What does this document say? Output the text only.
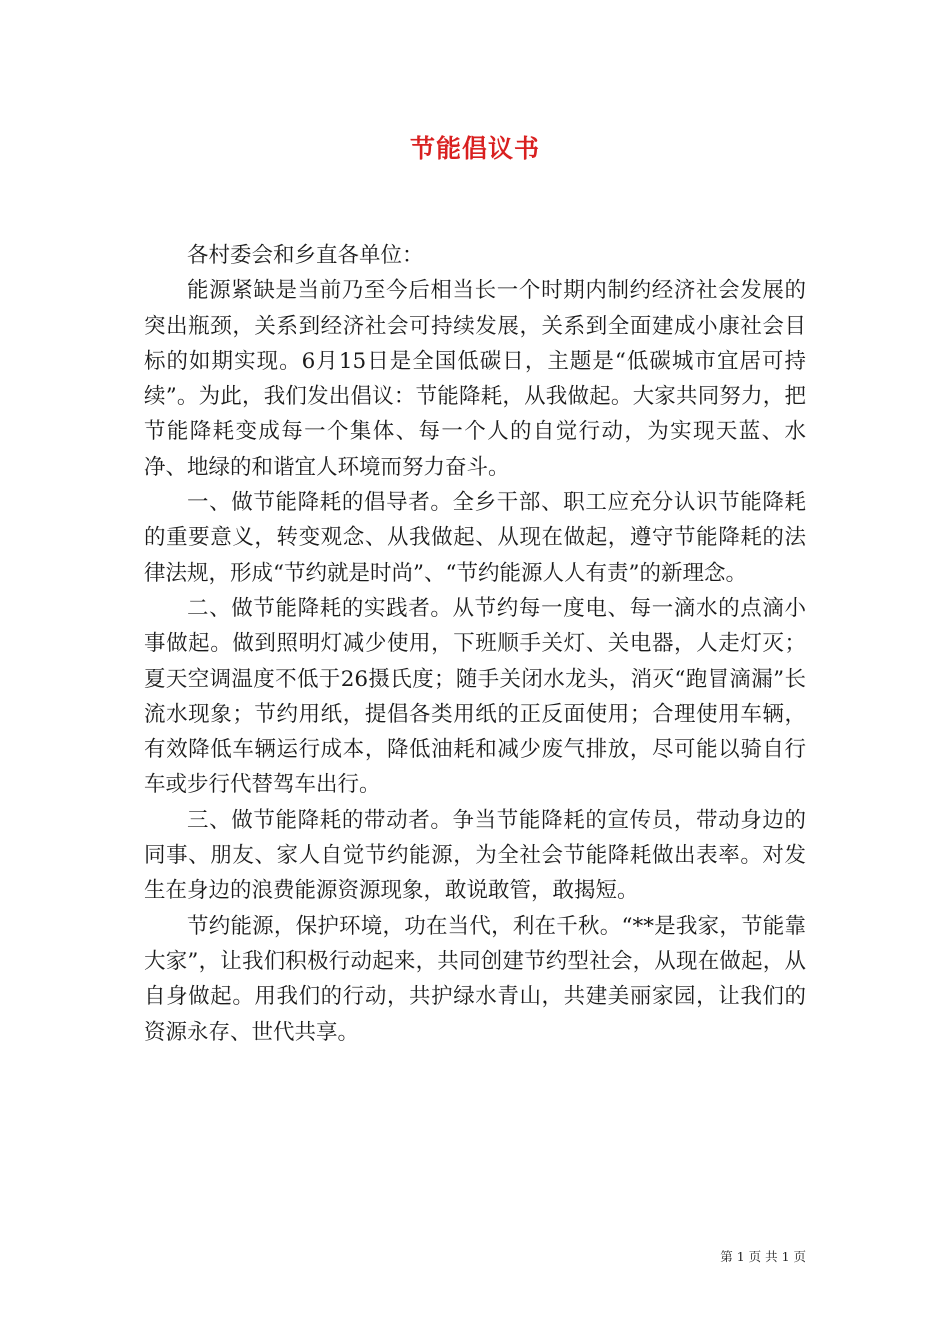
节能倡议书

各村委会和乡直各单位：

能源紧缺是当前乃至今后相当长一个时期内制约经济社会发展的突出瓶颈，关系到经济社会可持续发展，关系到全面建成小康社会目标的如期实现。6月15日是全国低碳日，主题是“低碳城市宜居可持续”。为此，我们发出倡议：节能降耗，从我做起。大家共同努力，把节能降耗变成每一个集体、每一个人的自觉行动，为实现天蓝、水净、地绿的和谐宜人环境而努力奋斗。

一、做节能降耗的倡导者。全乡干部、职工应充分认识节能降耗的重要意义，转变观念、从我做起、从现在做起，遵守节能降耗的法律法规，形成“节约就是时尚”、“节约能源人人有责”的新理念。

二、做节能降耗的实践者。从节约每一度电、每一滴水的点滴小事做起。做到照明灯减少使用，下班顺手关灯、关电器，人走灯灭；夏天空调温度不低于26摄氏度；随手关闭水龙头，消灭“跑冒滴漏”长流水现象；节约用纸，提倡各类用纸的正反面使用；合理使用车辆，有效降低车辆运行成本，降低油耗和减少废气排放，尽可能以骑自行车或步行代替驾车出行。

三、做节能降耗的带动者。争当节能降耗的宣传员，带动身边的同事、朋友、家人自觉节约能源，为全社会节能降耗做出表率。对发生在身边的浪费能源资源现象，敢说敢管，敢揭短。

节约能源，保护环境，功在当代，利在千秋。“**是我家，节能靠大家”，让我们积极行动起来，共同创建节约型社会，从现在做起，从自身做起。用我们的行动，共护绿水青山，共建美丽家园，让我们的资源永存、世代共享。

第 1 页 共 1 页
